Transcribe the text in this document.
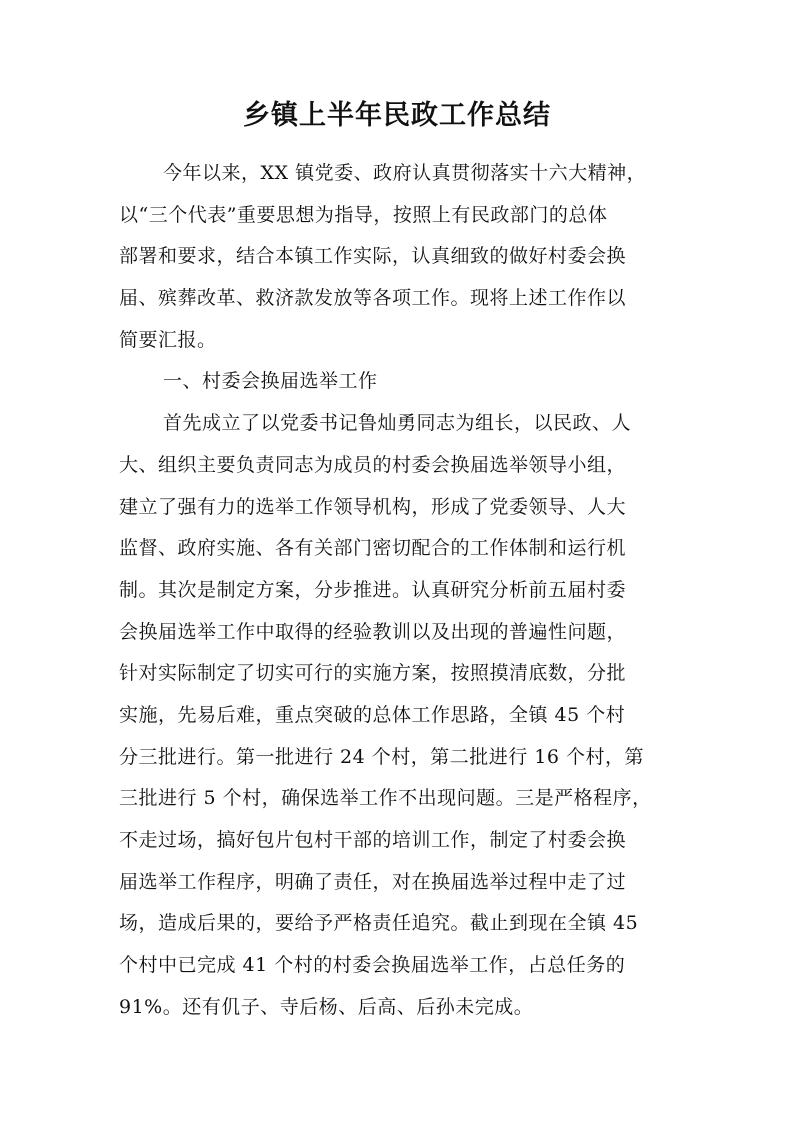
乡镇上半年民政工作总结
今年以来，XX 镇党委、政府认真贯彻落实十六大精神，
以“三个代表”重要思想为指导，按照上有民政部门的总体
部署和要求，结合本镇工作实际，认真细致的做好村委会换
届、殡葬改革、救济款发放等各项工作。现将上述工作作以
简要汇报。
一、村委会换届选举工作
首先成立了以党委书记鲁灿勇同志为组长，以民政、人
大、组织主要负责同志为成员的村委会换届选举领导小组，
建立了强有力的选举工作领导机构，形成了党委领导、人大
监督、政府实施、各有关部门密切配合的工作体制和运行机
制。其次是制定方案，分步推进。认真研究分析前五届村委
会换届选举工作中取得的经验教训以及出现的普遍性问题，
针对实际制定了切实可行的实施方案，按照摸清底数，分批
实施，先易后难，重点突破的总体工作思路，全镇 45 个村
分三批进行。第一批进行 24 个村，第二批进行 16 个村，第
三批进行 5 个村，确保选举工作不出现问题。三是严格程序，
不走过场，搞好包片包村干部的培训工作，制定了村委会换
届选举工作程序，明确了责任，对在换届选举过程中走了过
场，造成后果的，要给予严格责任追究。截止到现在全镇 45
个村中已完成 41 个村的村委会换届选举工作，占总任务的
91%。还有仉子、寺后杨、后高、后孙未完成。
